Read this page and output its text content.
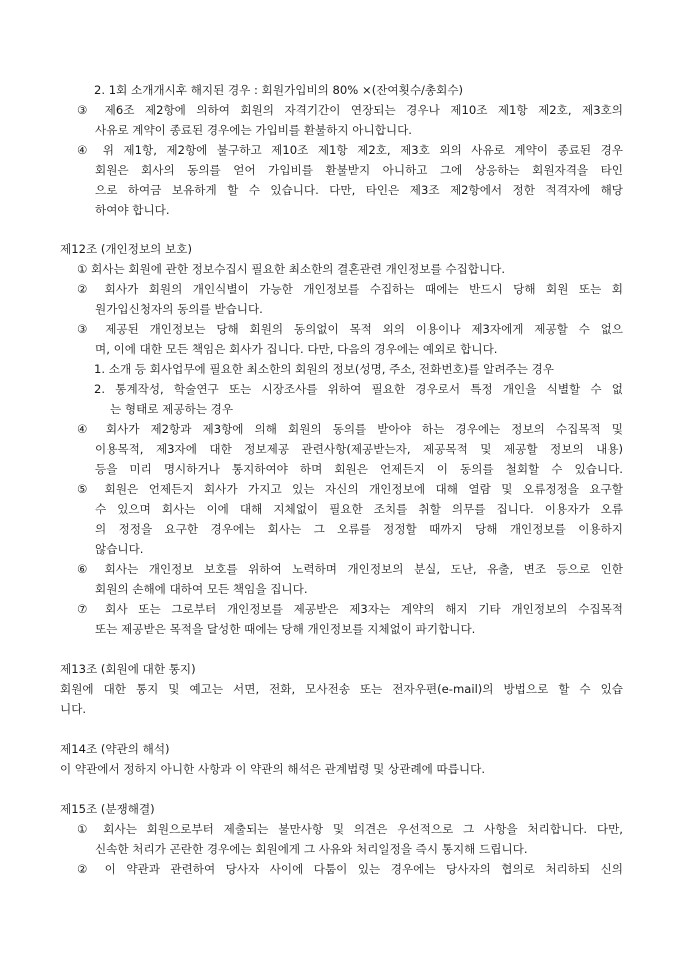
2. 1회 소개개시후 해지된 경우 : 회원가입비의 80% ×(잔여횟수/총회수)
③ 제6조 제2항에 의하여 회원의 자격기간이 연장되는 경우나 제10조 제1항 제2호, 제3호의
사유로 계약이 종료된 경우에는 가입비를 환불하지 아니합니다.
④ 위 제1항, 제2항에 불구하고 제10조 제1항 제2호, 제3호 외의 사유로 계약이 종료된 경우
회원은 회사의 동의를 얻어 가입비를 환불받지 아니하고 그에 상응하는 회원자격을 타인
으로 하여금 보유하게 할 수 있습니다. 다만, 타인은 제3조 제2항에서 정한 적격자에 해당
하여야 합니다.
제12조 (개인정보의 보호)
① 회사는 회원에 관한 정보수집시 필요한 최소한의 결혼관련 개인정보를 수집합니다.
② 회사가 회원의 개인식별이 가능한 개인정보를 수집하는 때에는 반드시 당해 회원 또는 회
원가입신청자의 동의를 받습니다.
③ 제공된 개인정보는 당해 회원의 동의없이 목적 외의 이용이나 제3자에게 제공할 수 없으
며, 이에 대한 모든 책임은 회사가 집니다. 다만, 다음의 경우에는 예외로 합니다.
1. 소개 등 회사업무에 필요한 최소한의 회원의 정보(성명, 주소, 전화번호)를 알려주는 경우
2. 통계작성, 학술연구 또는 시장조사를 위하여 필요한 경우로서 특정 개인을 식별할 수 없
는 형태로 제공하는 경우
④ 회사가 제2항과 제3항에 의해 회원의 동의를 받아야 하는 경우에는 정보의 수집목적 및
이용목적, 제3자에 대한 정보제공 관련사항(제공받는자, 제공목적 및 제공할 정보의 내용)
등을 미리 명시하거나 통지하여야 하며 회원은 언제든지 이 동의를 철회할 수 있습니다.
⑤ 회원은 언제든지 회사가 가지고 있는 자신의 개인정보에 대해 열람 및 오류정정을 요구할
수 있으며 회사는 이에 대해 지체없이 필요한 조치를 취할 의무를 집니다. 이용자가 오류
의 정정을 요구한 경우에는 회사는 그 오류를 정정할 때까지 당해 개인정보를 이용하지
않습니다.
⑥ 회사는 개인정보 보호를 위하여 노력하며 개인정보의 분실, 도난, 유출, 변조 등으로 인한
회원의 손해에 대하여 모든 책임을 집니다.
⑦ 회사 또는 그로부터 개인정보를 제공받은 제3자는 계약의 해지 기타 개인정보의 수집목적
또는 제공받은 목적을 달성한 때에는 당해 개인정보를 지체없이 파기합니다.
제13조 (회원에 대한 통지)
회원에 대한 통지 및 예고는 서면, 전화, 모사전송 또는 전자우편(e-mail)의 방법으로 할 수 있습
니다.
제14조 (약관의 해석)
이 약관에서 정하지 아니한 사항과 이 약관의 해석은 관계법령 및 상관례에 따릅니다.
제15조 (분쟁해결)
① 회사는 회원으로부터 제출되는 불만사항 및 의견은 우선적으로 그 사항을 처리합니다. 다만,
신속한 처리가 곤란한 경우에는 회원에게 그 사유와 처리일정을 즉시 통지해 드립니다.
② 이 약관과 관련하여 당사자 사이에 다툼이 있는 경우에는 당사자의 협의로 처리하되 신의
